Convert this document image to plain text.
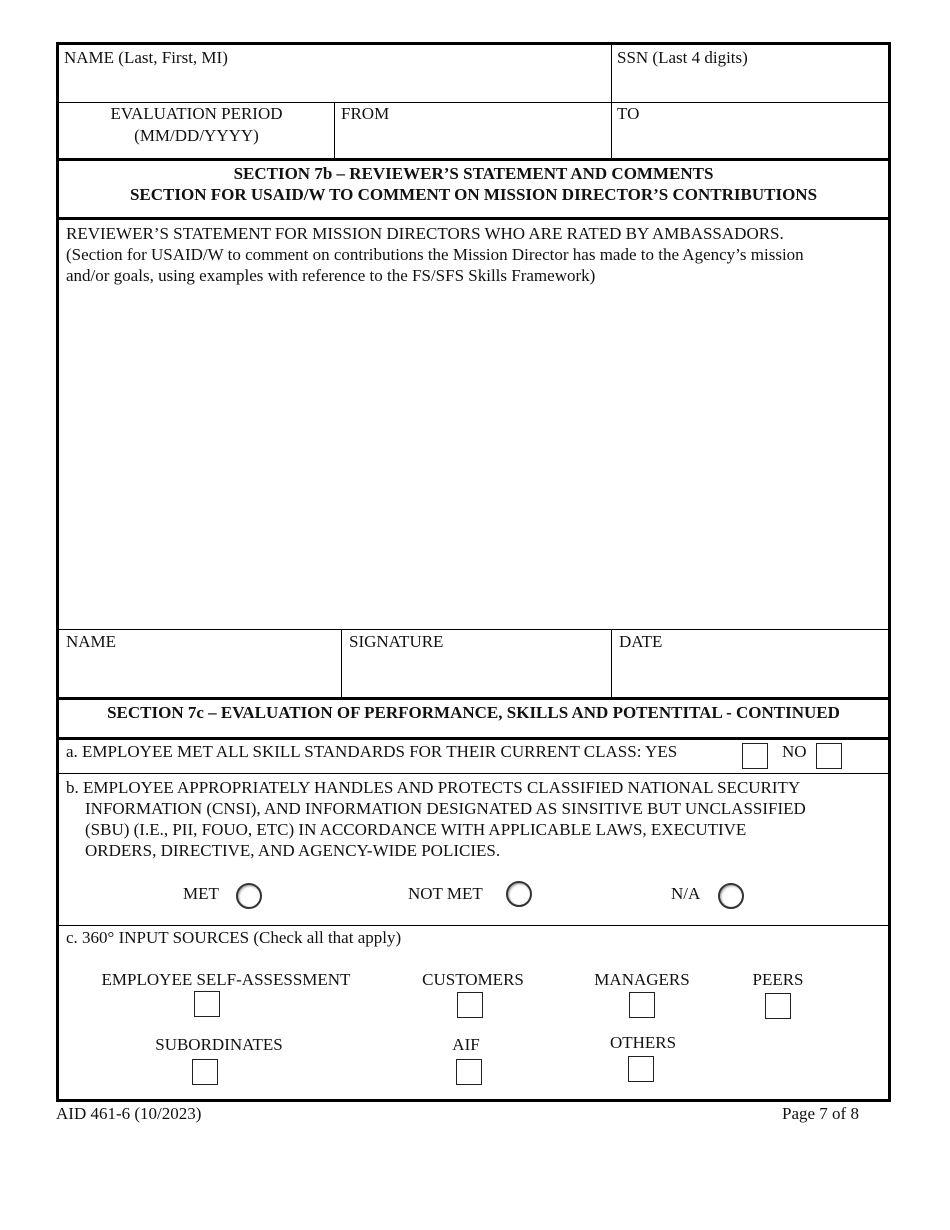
NAME (Last, First, MI)	SSN (Last 4 digits)
EVALUATION PERIOD
(MM/DD/YYYY)
FROM	TO
SECTION 7b – REVIEWER’S STATEMENT AND COMMENTS
SECTION FOR USAID/W TO COMMENT ON MISSION DIRECTOR’S CONTRIBUTIONS
REVIEWER’S STATEMENT FOR MISSION DIRECTORS WHO ARE RATED BY AMBASSADORS.
(Section for USAID/W to comment on contributions the Mission Director has made to the Agency’s mission
and/or goals, using examples with reference to the FS/SFS Skills Framework)
NAME	SIGNATURE	DATE
SECTION 7c – EVALUATION OF PERFORMANCE, SKILLS AND POTENTITAL - CONTINUED
a. EMPLOYEE MET ALL SKILL STANDARDS FOR THEIR CURRENT CLASS: YES	NO
b. EMPLOYEE APPROPRIATELY HANDLES AND PROTECTS CLASSIFIED NATIONAL SECURITY
INFORMATION (CNSI), AND INFORMATION DESIGNATED AS SINSITIVE BUT UNCLASSIFIED
(SBU) (I.E., PII, FOUO, ETC) IN ACCORDANCE WITH APPLICABLE LAWS, EXECUTIVE
ORDERS, DIRECTIVE, AND AGENCY-WIDE POLICIES.
MET	NOT MET	N/A
c. 360° INPUT SOURCES (Check all that apply)
EMPLOYEE SELF-ASSESSMENT	CUSTOMERS	MANAGERS	PEERS
SUBORDINATES	AIF	OTHERS
AID 461-6 (10/2023)	Page 7 of 8
